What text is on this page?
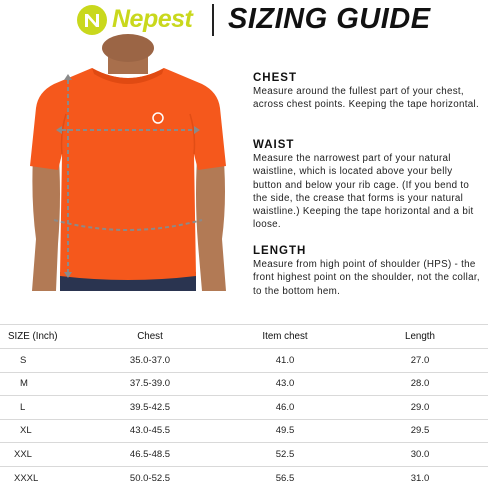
Nepest SIZING GUIDE
CHEST

Measure around the fullest part of your chest, across chest points. Keeping the tape horizontal.

WAIST

Measure the narrowest part of your natural waistline, which is located above your belly button and below your rib cage. (If you bend to the side, the crease that forms is your natural waistline.) Keeping the tape horizontal and a bit loose.

LENGTH

Measure from high point of shoulder (HPS) - the front highest point on the shoulder, not the collar, to the bottom hem.

SIZE (Inch)	Chest	Item chest	Length
S	35.0-37.0	41.0	27.0
M	37.5-39.0	43.0	28.0
L	39.5-42.5	46.0	29.0
XL	43.0-45.5	49.5	29.5
XXL	46.5-48.5	52.5	30.0
XXXL	50.0-52.5	56.5	31.0
